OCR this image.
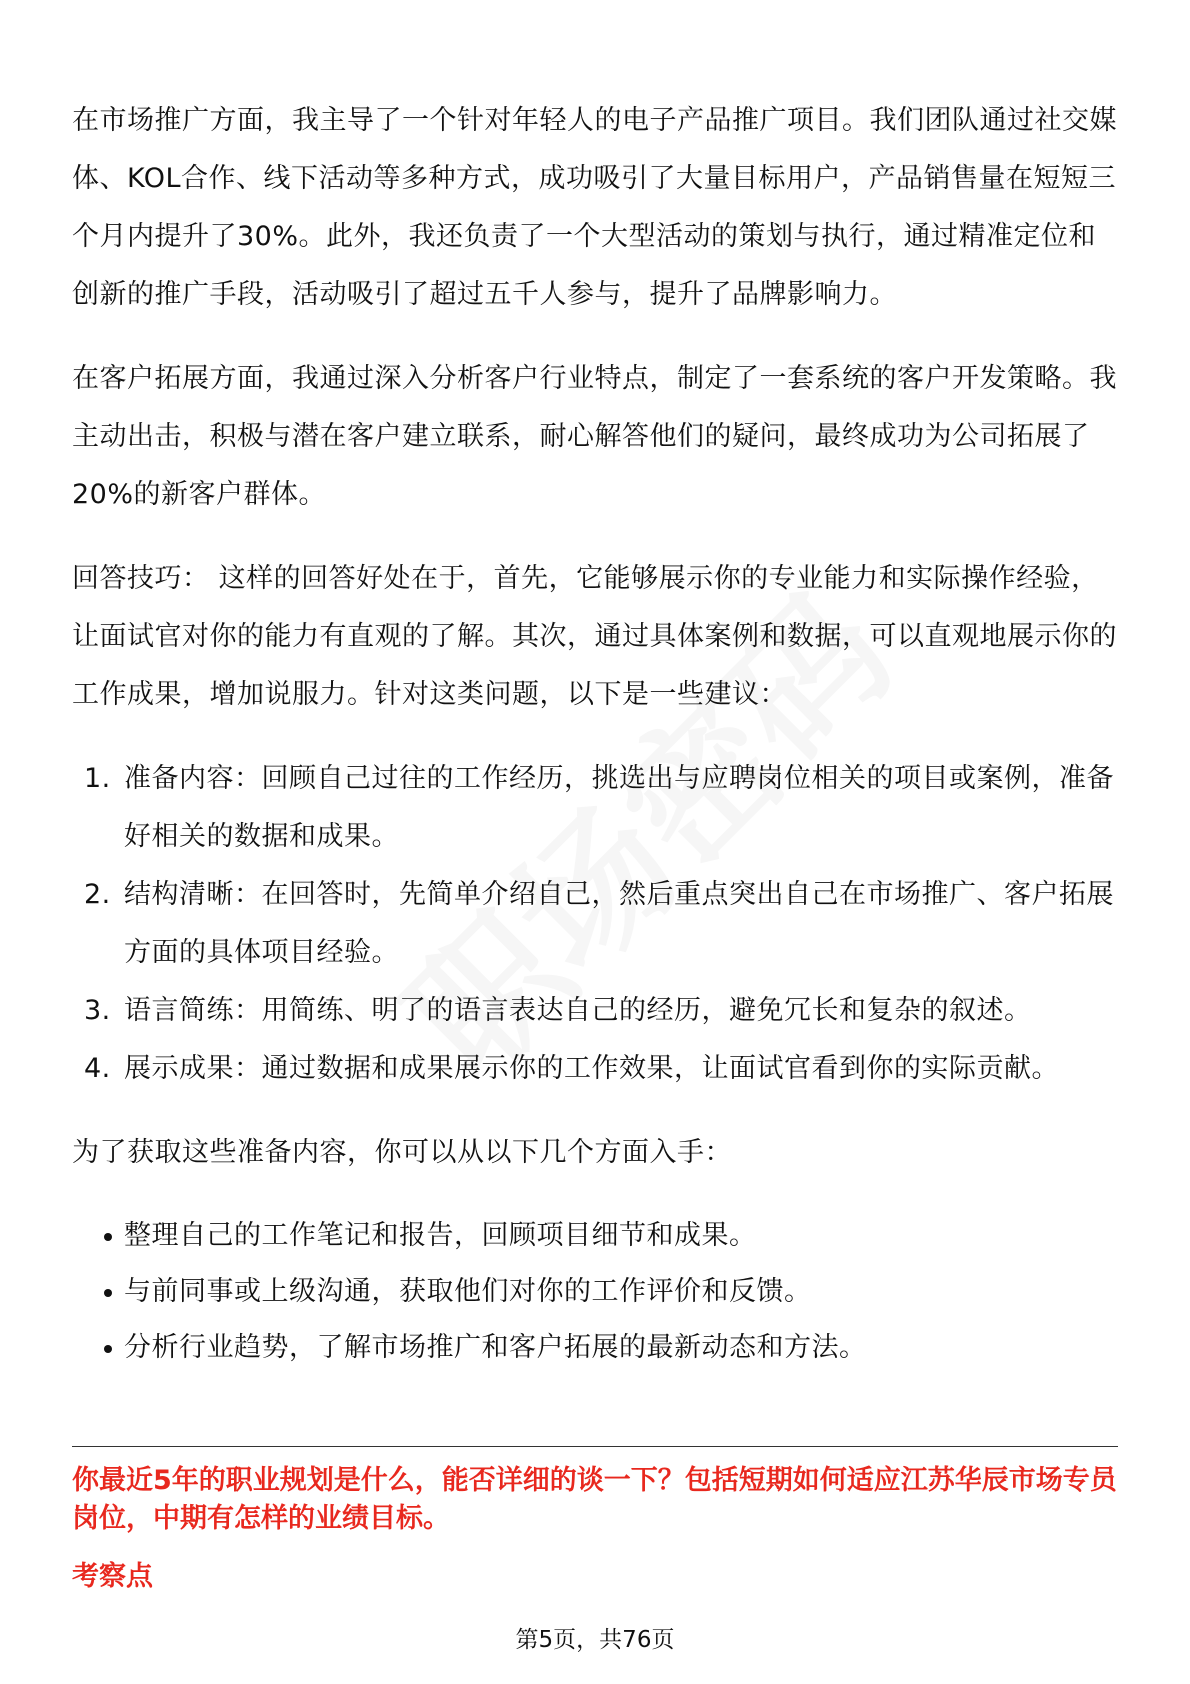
在市场推广方面，我主导了一个针对年轻人的电子产品推广项目。我们团队通过社交媒体、KOL合作、线下活动等多种方式，成功吸引了大量目标用户，产品销售量在短短三个月内提升了30%。此外，我还负责了一个大型活动的策划与执行，通过精准定位和创新的推广手段，活动吸引了超过五千人参与，提升了品牌影响力。

在客户拓展方面，我通过深入分析客户行业特点，制定了一套系统的客户开发策略。我主动出击，积极与潜在客户建立联系，耐心解答他们的疑问，最终成功为公司拓展了20%的新客户群体。

回答技巧： 这样的回答好处在于，首先，它能够展示你的专业能力和实际操作经验，让面试官对你的能力有直观的了解。其次，通过具体案例和数据，可以直观地展示你的工作成果，增加说服力。针对这类问题，以下是一些建议：

1. 准备内容：回顾自己过往的工作经历，挑选出与应聘岗位相关的项目或案例，准备好相关的数据和成果。
2. 结构清晰：在回答时，先简单介绍自己，然后重点突出自己在市场推广、客户拓展方面的具体项目经验。
3. 语言简练：用简练、明了的语言表达自己的经历，避免冗长和复杂的叙述。
4. 展示成果：通过数据和成果展示你的工作效果，让面试官看到你的实际贡献。

为了获取这些准备内容，你可以从以下几个方面入手：

整理自己的工作笔记和报告，回顾项目细节和成果。
与前同事或上级沟通，获取他们对你的工作评价和反馈。
分析行业趋势，了解市场推广和客户拓展的最新动态和方法。

你最近5年的职业规划是什么，能否详细的谈一下？包括短期如何适应江苏华辰市场专员岗位，中期有怎样的业绩目标。

考察点

第5页，共76页
